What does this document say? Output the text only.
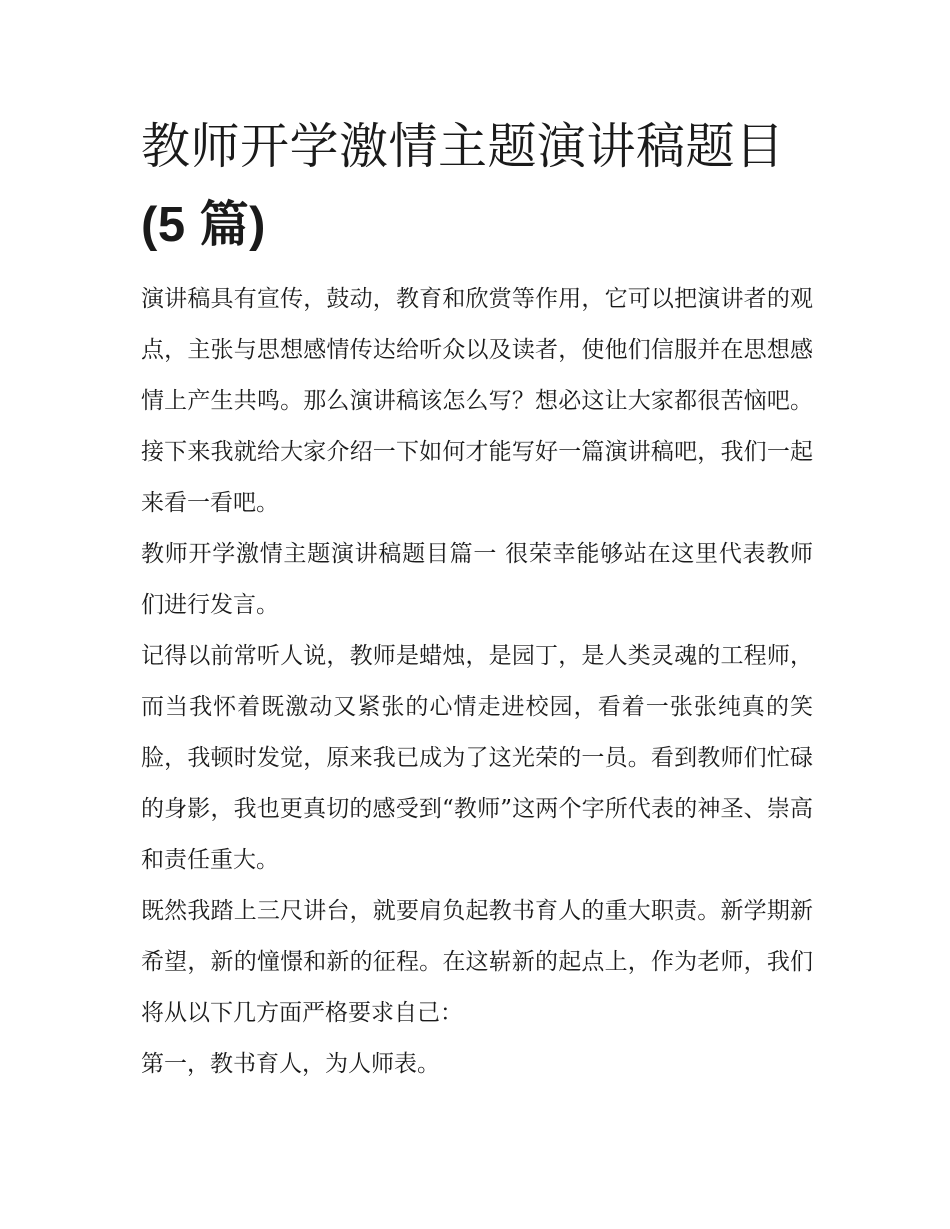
教师开学激情主题演讲稿题目
(5 篇)

演讲稿具有宣传，鼓动，教育和欣赏等作用，它可以把演讲者的观点，主张与思想感情传达给听众以及读者，使他们信服并在思想感情上产生共鸣。那么演讲稿该怎么写？想必这让大家都很苦恼吧。接下来我就给大家介绍一下如何才能写好一篇演讲稿吧，我们一起来看一看吧。

教师开学激情主题演讲稿题目篇一 很荣幸能够站在这里代表教师们进行发言。

记得以前常听人说，教师是蜡烛，是园丁，是人类灵魂的工程师，而当我怀着既激动又紧张的心情走进校园，看着一张张纯真的笑脸，我顿时发觉，原来我已成为了这光荣的一员。看到教师们忙碌的身影，我也更真切的感受到“教师”这两个字所代表的神圣、崇高和责任重大。

既然我踏上三尺讲台，就要肩负起教书育人的重大职责。新学期新希望，新的憧憬和新的征程。在这崭新的起点上，作为老师，我们将从以下几方面严格要求自己：

第一，教书育人，为人师表。
